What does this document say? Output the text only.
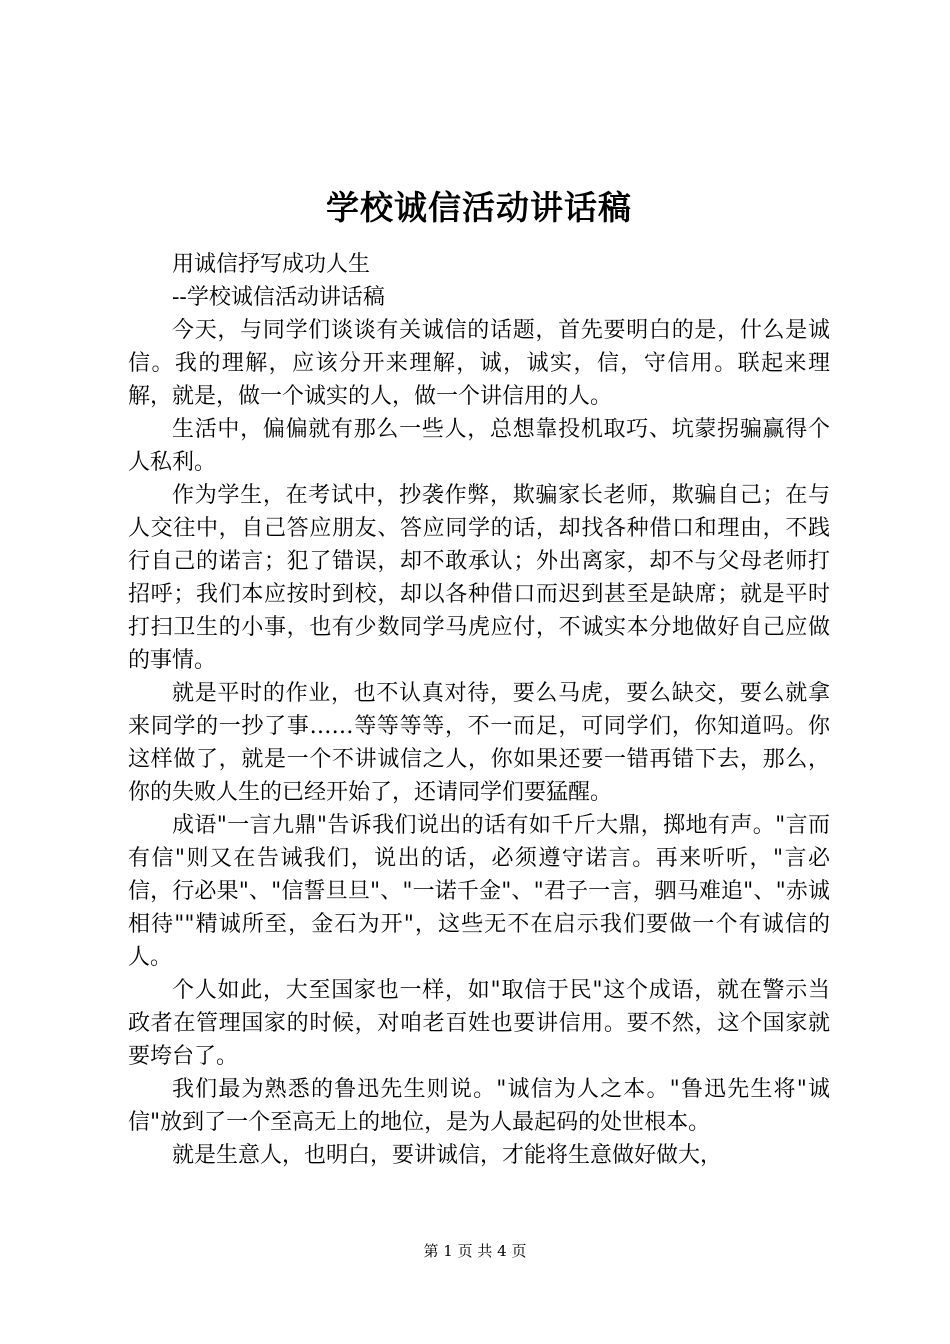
学校诚信活动讲话稿

用诚信抒写成功人生

--学校诚信活动讲话稿

今天，与同学们谈谈有关诚信的话题，首先要明白的是，什么是诚信。我的理解，应该分开来理解，诚，诚实，信，守信用。联起来理解，就是，做一个诚实的人，做一个讲信用的人。

生活中，偏偏就有那么一些人，总想靠投机取巧、坑蒙拐骗赢得个人私利。

作为学生，在考试中，抄袭作弊，欺骗家长老师，欺骗自己；在与人交往中，自己答应朋友、答应同学的话，却找各种借口和理由，不践行自己的诺言；犯了错误，却不敢承认；外出离家，却不与父母老师打招呼；我们本应按时到校，却以各种借口而迟到甚至是缺席；就是平时打扫卫生的小事，也有少数同学马虎应付，不诚实本分地做好自己应做的事情。

就是平时的作业，也不认真对待，要么马虎，要么缺交，要么就拿来同学的一抄了事……等等等等，不一而足，可同学们，你知道吗。你这样做了，就是一个不讲诚信之人，你如果还要一错再错下去，那么，你的失败人生的已经开始了，还请同学们要猛醒。

成语"一言九鼎"告诉我们说出的话有如千斤大鼎，掷地有声。"言而有信"则又在告诫我们，说出的话，必须遵守诺言。再来听听，"言必信，行必果"、"信誓旦旦"、"一诺千金"、"君子一言，驷马难追"、"赤诚相待""精诚所至，金石为开"，这些无不在启示我们要做一个有诚信的人。

个人如此，大至国家也一样，如"取信于民"这个成语，就在警示当政者在管理国家的时候，对咱老百姓也要讲信用。要不然，这个国家就要垮台了。

我们最为熟悉的鲁迅先生则说。"诚信为人之本。"鲁迅先生将"诚信"放到了一个至高无上的地位，是为人最起码的处世根本。

就是生意人，也明白，要讲诚信，才能将生意做好做大，

第 1 页 共 4 页
